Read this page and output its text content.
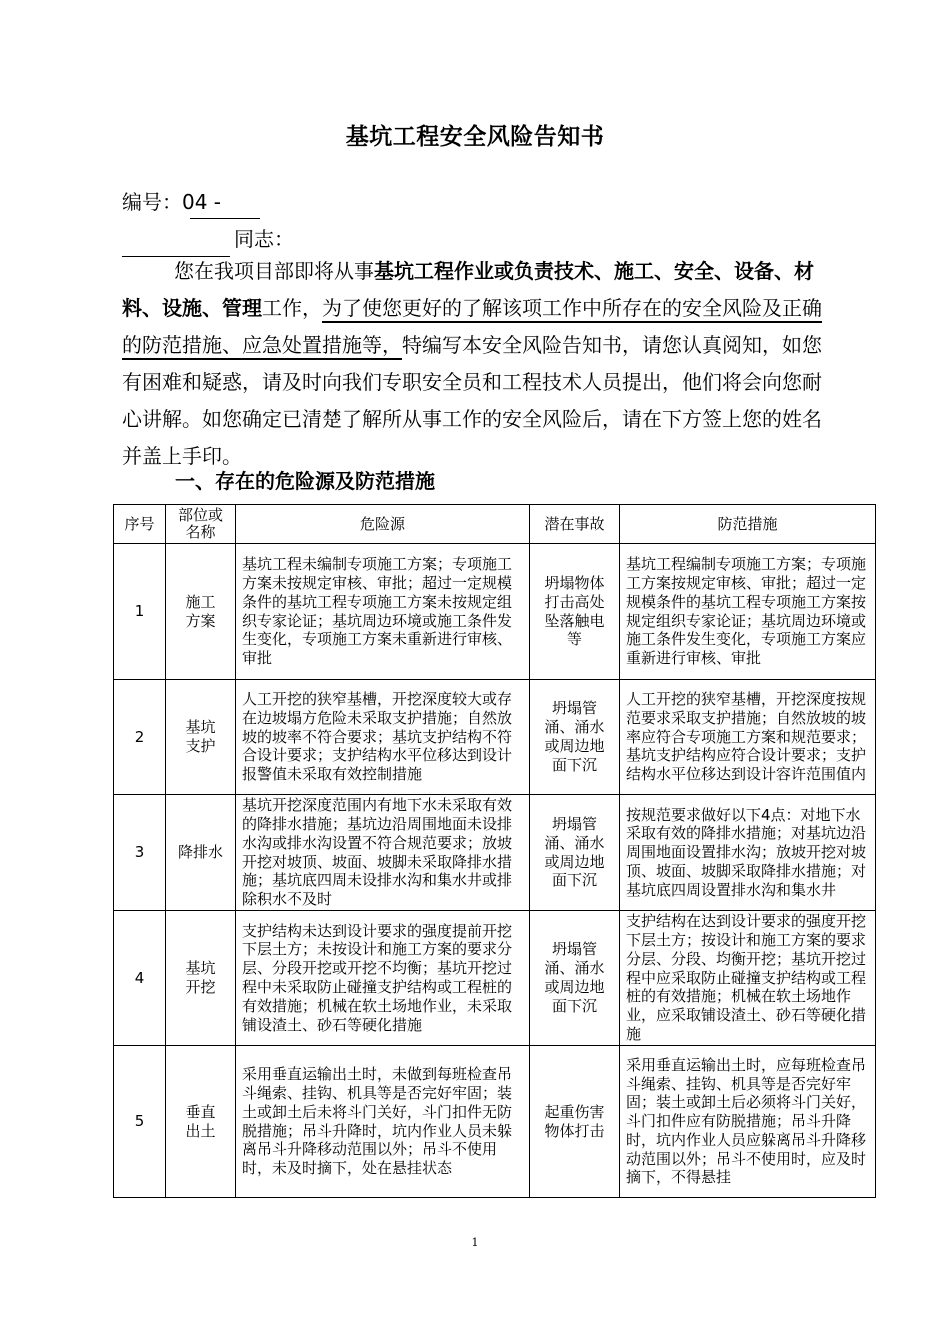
基坑工程安全风险告知书
编号：04 -
同志：
您在我项目部即将从事基坑工程作业或负责技术、施工、安全、设备、材料、设施、管理工作，为了使您更好的了解该项工作中所存在的安全风险及正确的防范措施、应急处置措施等，特编写本安全风险告知书，请您认真阅知，如您有困难和疑惑，请及时向我们专职安全员和工程技术人员提出，他们将会向您耐心讲解。如您确定已清楚了解所从事工作的安全风险后，请在下方签上您的姓名并盖上手印。
一、存在的危险源及防范措施
序号	部位或名称	危险源	潜在事故	防范措施
1	施工方案	基坑工程未编制专项施工方案；专项施工方案未按规定审核、审批；超过一定规模条件的基坑工程专项施工方案未按规定组织专家论证；基坑周边环境或施工条件发生变化，专项施工方案未重新进行审核、审批	坍塌物体打击高处坠落触电等	基坑工程编制专项施工方案；专项施工方案按规定审核、审批；超过一定规模条件的基坑工程专项施工方案按规定组织专家论证；基坑周边环境或施工条件发生变化，专项施工方案应重新进行审核、审批
2	基坑支护	人工开挖的狭窄基槽，开挖深度较大或存在边坡塌方危险未采取支护措施；自然放坡的坡率不符合要求；基坑支护结构不符合设计要求；支护结构水平位移达到设计报警值未采取有效控制措施	坍塌管涌、涌水或周边地面下沉	人工开挖的狭窄基槽，开挖深度按规范要求采取支护措施；自然放坡的坡率应符合专项施工方案和规范要求；基坑支护结构应符合设计要求；支护结构水平位移达到设计容许范围值内
3	降排水	基坑开挖深度范围内有地下水未采取有效的降排水措施；基坑边沿周围地面未设排水沟或排水沟设置不符合规范要求；放坡开挖对坡顶、坡面、坡脚未采取降排水措施；基坑底四周未设排水沟和集水井或排除积水不及时	坍塌管涌、涌水或周边地面下沉	按规范要求做好以下4点：对地下水采取有效的降排水措施；对基坑边沿周围地面设置排水沟；放坡开挖对坡顶、坡面、坡脚采取降排水措施；对基坑底四周设置排水沟和集水井
4	基坑开挖	支护结构未达到设计要求的强度提前开挖下层土方；未按设计和施工方案的要求分层、分段开挖或开挖不均衡；基坑开挖过程中未采取防止碰撞支护结构或工程桩的有效措施；机械在软土场地作业，未采取铺设渣土、砂石等硬化措施	坍塌管涌、涌水或周边地面下沉	支护结构在达到设计要求的强度开挖下层土方；按设计和施工方案的要求分层、分段、均衡开挖；基坑开挖过程中应采取防止碰撞支护结构或工程桩的有效措施；机械在软土场地作业，应采取铺设渣土、砂石等硬化措施
5	垂直出土	采用垂直运输出土时，未做到每班检查吊斗绳索、挂钩、机具等是否完好牢固；装土或卸土后未将斗门关好，斗门扣件无防脱措施；吊斗升降时，坑内作业人员未躲离吊斗升降移动范围以外；吊斗不使用时，未及时摘下，处在悬挂状态	起重伤害物体打击	采用垂直运输出土时，应每班检查吊斗绳索、挂钩、机具等是否完好牢固；装土或卸土后必须将斗门关好，斗门扣件应有防脱措施；吊斗升降时，坑内作业人员应躲离吊斗升降移动范围以外；吊斗不使用时，应及时摘下，不得悬挂
1
